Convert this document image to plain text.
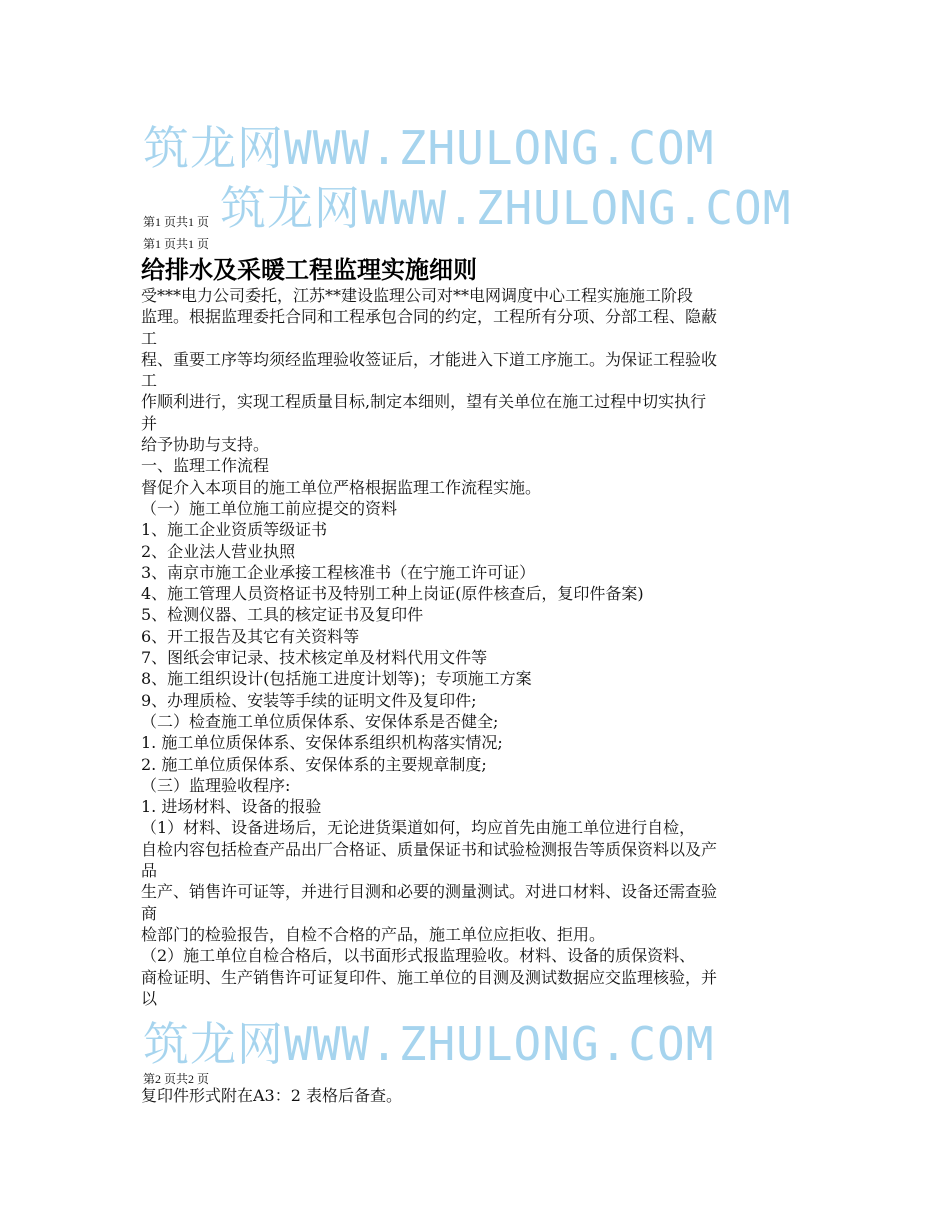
筑龙网WWW.ZHULONG.COM
筑龙网WWW.ZHULONG.COM
筑龙网WWW.ZHULONG.COM
第1 页共1 页
第1 页共1 页
第2 页共2 页
给排水及采暖工程监理实施细则
受***电力公司委托，江苏**建设监理公司对**电网调度中心工程实施施工阶段
监理。根据监理委托合同和工程承包合同的约定，工程所有分项、分部工程、隐蔽
工
程、重要工序等均须经监理验收签证后，才能进入下道工序施工。为保证工程验收
工
作顺利进行，实现工程质量目标,制定本细则，望有关单位在施工过程中切实执行
并
给予协助与支持。
一、监理工作流程
督促介入本项目的施工单位严格根据监理工作流程实施。
（一）施工单位施工前应提交的资料
1、施工企业资质等级证书
2、企业法人营业执照
3、南京市施工企业承接工程核准书（在宁施工许可证）
4、施工管理人员资格证书及特别工种上岗证(原件核查后，复印件备案)
5、检测仪器、工具的核定证书及复印件
6、开工报告及其它有关资料等
7、图纸会审记录、技术核定单及材料代用文件等
8、施工组织设计(包括施工进度计划等)；专项施工方案
9、办理质检、安装等手续的证明文件及复印件;
（二）检查施工单位质保体系、安保体系是否健全;
1. 施工单位质保体系、安保体系组织机构落实情况;
2. 施工单位质保体系、安保体系的主要规章制度;
（三）监理验收程序:
1. 进场材料、设备的报验
（1）材料、设备进场后，无论进货渠道如何，均应首先由施工单位进行自检，
自检内容包括检查产品出厂合格证、质量保证书和试验检测报告等质保资料以及产
品
生产、销售许可证等，并进行目测和必要的测量测试。对进口材料、设备还需查验
商
检部门的检验报告，自检不合格的产品，施工单位应拒收、拒用。
（2）施工单位自检合格后，以书面形式报监理验收。材料、设备的质保资料、
商检证明、生产销售许可证复印件、施工单位的目测及测试数据应交监理核验，并
以
复印件形式附在A3：2 表格后备查。
